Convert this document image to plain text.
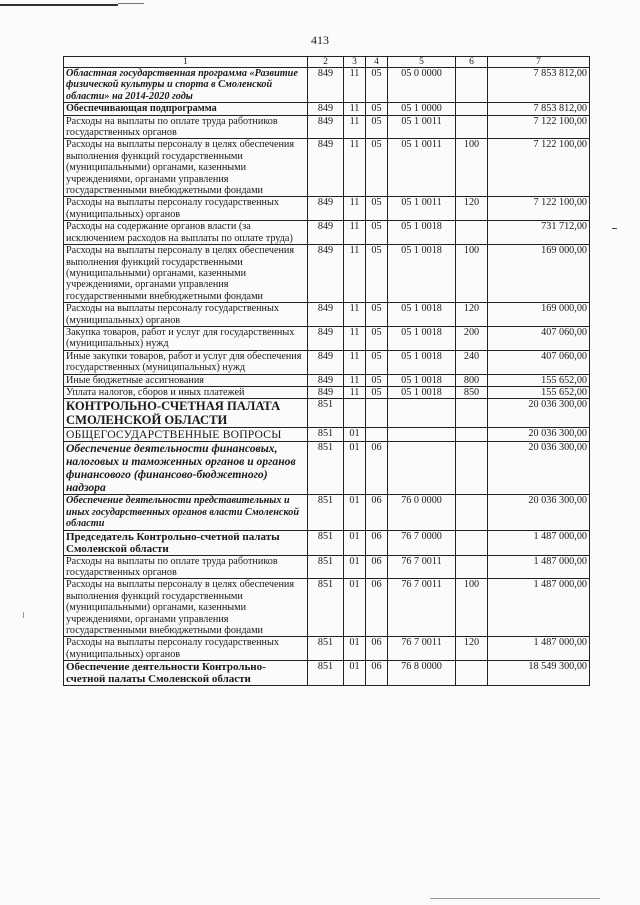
413
1	2	3	4	5	6	7
Областная государственная программа «Развитие физической культуры и спорта в Смоленской области» на 2014-2020 годы	849	11	05	05 0 0000		7 853 812,00
Обеспечивающая подпрограмма	849	11	05	05 1 0000		7 853 812,00
Расходы на выплаты по оплате труда работников государственных органов	849	11	05	05 1 0011		7 122 100,00
Расходы на выплаты персоналу в целях обеспечения выполнения функций государственными (муниципальными) органами, казенными учреждениями, органами управления государственными внебюджетными фондами	849	11	05	05 1 0011	100	7 122 100,00
Расходы на выплаты персоналу государственных (муниципальных) органов	849	11	05	05 1 0011	120	7 122 100,00
Расходы на содержание органов власти (за исключением расходов на выплаты по оплате труда)	849	11	05	05 1 0018		731 712,00
Расходы на выплаты персоналу в целях обеспечения выполнения функций государственными (муниципальными) органами, казенными учреждениями, органами управления государственными внебюджетными фондами	849	11	05	05 1 0018	100	169 000,00
Расходы на выплаты персоналу государственных (муниципальных) органов	849	11	05	05 1 0018	120	169 000,00
Закупка товаров, работ и услуг для государственных (муниципальных) нужд	849	11	05	05 1 0018	200	407 060,00
Иные закупки товаров, работ и услуг для обеспечения государственных (муниципальных) нужд	849	11	05	05 1 0018	240	407 060,00
Иные бюджетные ассигнования	849	11	05	05 1 0018	800	155 652,00
Уплата налогов, сборов и иных платежей	849	11	05	05 1 0018	850	155 652,00
КОНТРОЛЬНО-СЧЕТНАЯ ПАЛАТА СМОЛЕНСКОЙ ОБЛАСТИ	851					20 036 300,00
ОБЩЕГОСУДАРСТВЕННЫЕ ВОПРОСЫ	851	01				20 036 300,00
Обеспечение деятельности финансовых, налоговых и таможенных органов и органов финансового (финансово-бюджетного) надзора	851	01	06			20 036 300,00
Обеспечение деятельности представительных и иных государственных органов власти Смоленской области	851	01	06	76 0 0000		20 036 300,00
Председатель Контрольно-счетной палаты Смоленской области	851	01	06	76 7 0000		1 487 000,00
Расходы на выплаты по оплате труда работников государственных органов	851	01	06	76 7 0011		1 487 000,00
Расходы на выплаты персоналу в целях обеспечения выполнения функций государственными (муниципальными) органами, казенными учреждениями, органами управления государственными внебюджетными фондами	851	01	06	76 7 0011	100	1 487 000,00
Расходы на выплаты персоналу государственных (муниципальных) органов	851	01	06	76 7 0011	120	1 487 000,00
Обеспечение деятельности Контрольно-счетной палаты Смоленской области	851	01	06	76 8 0000		18 549 300,00
